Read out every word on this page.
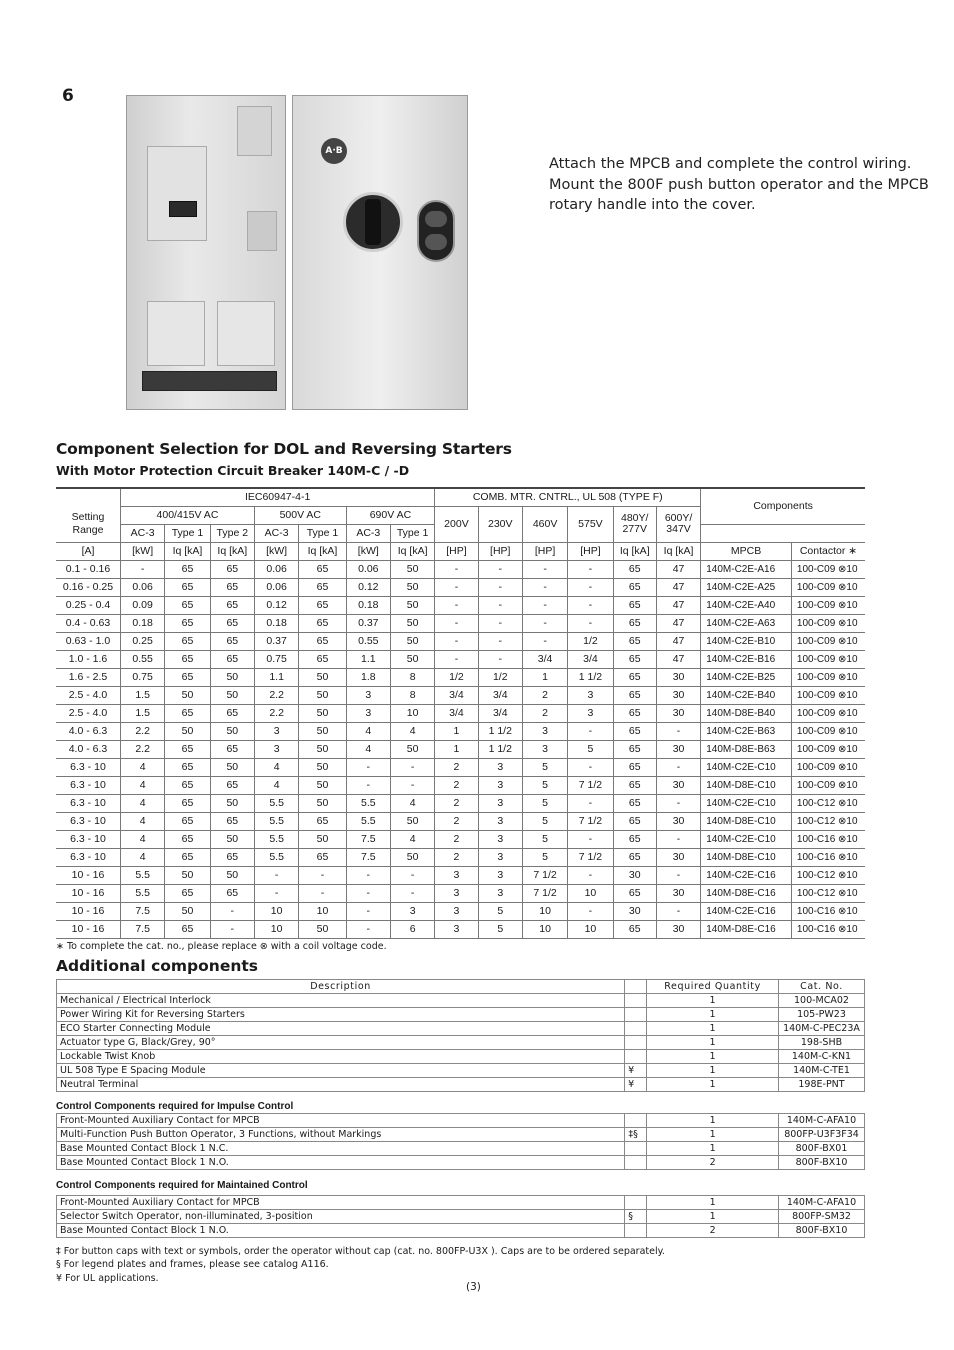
6
A·B
Attach the MPCB and complete the control wiring. Mount the 800F push button operator and the MPCB rotary handle into the cover.
Component Selection for DOL and Reversing Starters
With Motor Protection Circuit Breaker 140M-C / -D
	IEC60947-4-1							COMB. MTR. CNTRL., UL 508 (TYPE F)						Components	
Setting Range	400/415V AC			500V AC		690V AC		200V	230V	460V	575V	480Y/ 277V	600Y/ 347V		
	AC-3	Type 1	Type 2	AC-3	Type 1	AC-3	Type 1								
[A]	[kW]	Iq [kA]	Iq [kA]	[kW]	Iq [kA]	[kW]	Iq [kA]	[HP]	[HP]	[HP]	[HP]	Iq [kA]	Iq [kA]	MPCB	Contactor ∗
0.1 - 0.16	-	65	65	0.06	65	0.06	50	-	-	-	-	65	47	140M-C2E-A16	100-C09 ⊗10
0.16 - 0.25	0.06	65	65	0.06	65	0.12	50	-	-	-	-	65	47	140M-C2E-A25	100-C09 ⊗10
0.25 - 0.4	0.09	65	65	0.12	65	0.18	50	-	-	-	-	65	47	140M-C2E-A40	100-C09 ⊗10
0.4 - 0.63	0.18	65	65	0.18	65	0.37	50	-	-	-	-	65	47	140M-C2E-A63	100-C09 ⊗10
0.63 - 1.0	0.25	65	65	0.37	65	0.55	50	-	-	-	1/2	65	47	140M-C2E-B10	100-C09 ⊗10
1.0 - 1.6	0.55	65	65	0.75	65	1.1	50	-	-	3/4	3/4	65	47	140M-C2E-B16	100-C09 ⊗10
1.6 - 2.5	0.75	65	50	1.1	50	1.8	8	1/2	1/2	1	1 1/2	65	30	140M-C2E-B25	100-C09 ⊗10
2.5 - 4.0	1.5	50	50	2.2	50	3	8	3/4	3/4	2	3	65	30	140M-C2E-B40	100-C09 ⊗10
2.5 - 4.0	1.5	65	65	2.2	50	3	10	3/4	3/4	2	3	65	30	140M-D8E-B40	100-C09 ⊗10
4.0 - 6.3	2.2	50	50	3	50	4	4	1	1 1/2	3	-	65	-	140M-C2E-B63	100-C09 ⊗10
4.0 - 6.3	2.2	65	65	3	50	4	50	1	1 1/2	3	5	65	30	140M-D8E-B63	100-C09 ⊗10
6.3 - 10	4	65	50	4	50	-	-	2	3	5	-	65	-	140M-C2E-C10	100-C09 ⊗10
6.3 - 10	4	65	65	4	50	-	-	2	3	5	7 1/2	65	30	140M-D8E-C10	100-C09 ⊗10
6.3 - 10	4	65	50	5.5	50	5.5	4	2	3	5	-	65	-	140M-C2E-C10	100-C12 ⊗10
6.3 - 10	4	65	65	5.5	65	5.5	50	2	3	5	7 1/2	65	30	140M-D8E-C10	100-C12 ⊗10
6.3 - 10	4	65	50	5.5	50	7.5	4	2	3	5	-	65	-	140M-C2E-C10	100-C16 ⊗10
6.3 - 10	4	65	65	5.5	65	7.5	50	2	3	5	7 1/2	65	30	140M-D8E-C10	100-C16 ⊗10
10 - 16	5.5	50	50	-	-	-	-	3	3	7 1/2	-	30	-	140M-C2E-C16	100-C12 ⊗10
10 - 16	5.5	65	65	-	-	-	-	3	3	7 1/2	10	65	30	140M-D8E-C16	100-C12 ⊗10
10 - 16	7.5	50	-	10	10	-	3	3	5	10	-	30	-	140M-C2E-C16	100-C16 ⊗10
10 - 16	7.5	65	-	10	50	-	6	3	5	10	10	65	30	140M-D8E-C16	100-C16 ⊗10
∗ To complete the cat. no., please replace ⊗ with a coil voltage code.
Additional components
Description		Required Quantity	Cat. No.
Mechanical / Electrical Interlock		1	100-MCA02
Power Wiring Kit for Reversing Starters		1	105-PW23
ECO Starter Connecting Module		1	140M-C-PEC23A
Actuator type G, Black/Grey, 90°		1	198-SHB
Lockable Twist Knob		1	140M-C-KN1
UL 508 Type E Spacing Module	¥	1	140M-C-TE1
Neutral Terminal	¥	1	198E-PNT
Control Components required for Impulse Control
Front-Mounted Auxiliary Contact for MPCB		1	140M-C-AFA10
Multi-Function Push Button Operator, 3 Functions, without Markings	‡§	1	800FP-U3F3F34
Base Mounted Contact Block 1 N.C.		1	800F-BX01
Base Mounted Contact Block 1 N.O.		2	800F-BX10
Control Components required for Maintained Control
Front-Mounted Auxiliary Contact for MPCB		1	140M-C-AFA10
Selector Switch Operator, non-illuminated, 3-position	§	1	800FP-SM32
Base Mounted Contact Block 1 N.O.		2	800F-BX10
‡ For button caps with text or symbols, order the operator without cap (cat. no. 800FP-U3X ). Caps are to be ordered separately.
§ For legend plates and frames, please see catalog A116.
¥ For UL applications.
(3)
